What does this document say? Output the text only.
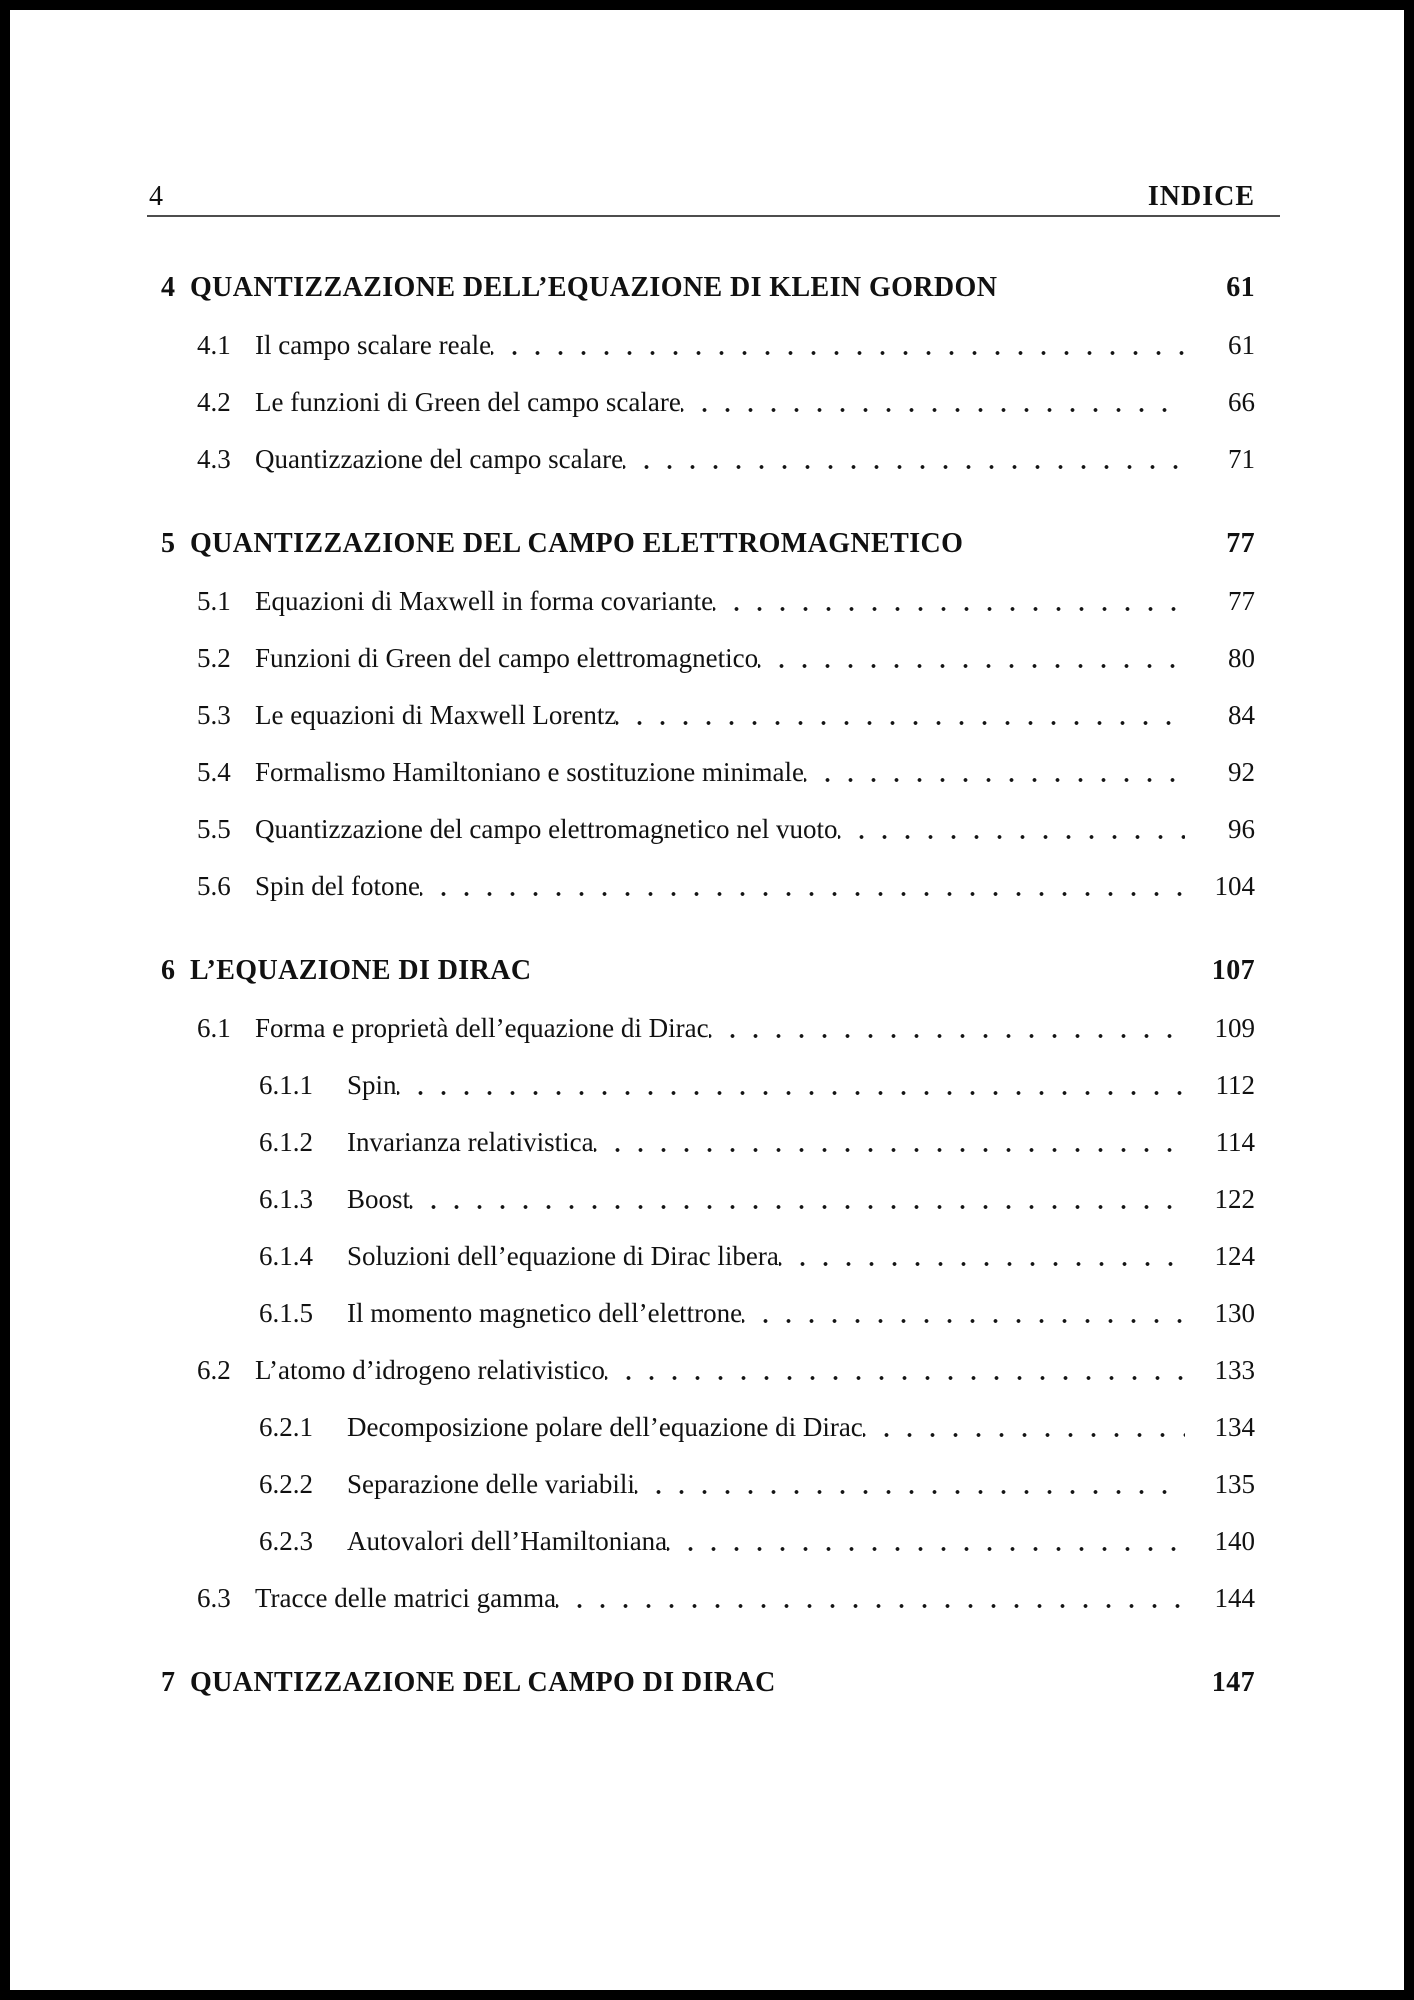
4	INDICE
4 QUANTIZZAZIONE DELL’EQUAZIONE DI KLEIN GORDON	61
4.1 Il campo scalare reale	61
4.2 Le funzioni di Green del campo scalare	66
4.3 Quantizzazione del campo scalare	71
5 QUANTIZZAZIONE DEL CAMPO ELETTROMAGNETICO	77
5.1 Equazioni di Maxwell in forma covariante	77
5.2 Funzioni di Green del campo elettromagnetico	80
5.3 Le equazioni di Maxwell Lorentz	84
5.4 Formalismo Hamiltoniano e sostituzione minimale	92
5.5 Quantizzazione del campo elettromagnetico nel vuoto	96
5.6 Spin del fotone	104
6 L’EQUAZIONE DI DIRAC	107
6.1 Forma e proprietà dell’equazione di Dirac	109
6.1.1	Spin	112
6.1.2	Invarianza relativistica	114
6.1.3	Boost	122
6.1.4	Soluzioni dell’equazione di Dirac libera	124
6.1.5	Il momento magnetico dell’elettrone	130
6.2 L’atomo d’idrogeno relativistico	133
6.2.1	Decomposizione polare dell’equazione di Dirac	134
6.2.2	Separazione delle variabili	135
6.2.3	Autovalori dell’Hamiltoniana	140
6.3 Tracce delle matrici gamma	144
7 QUANTIZZAZIONE DEL CAMPO DI DIRAC	147
